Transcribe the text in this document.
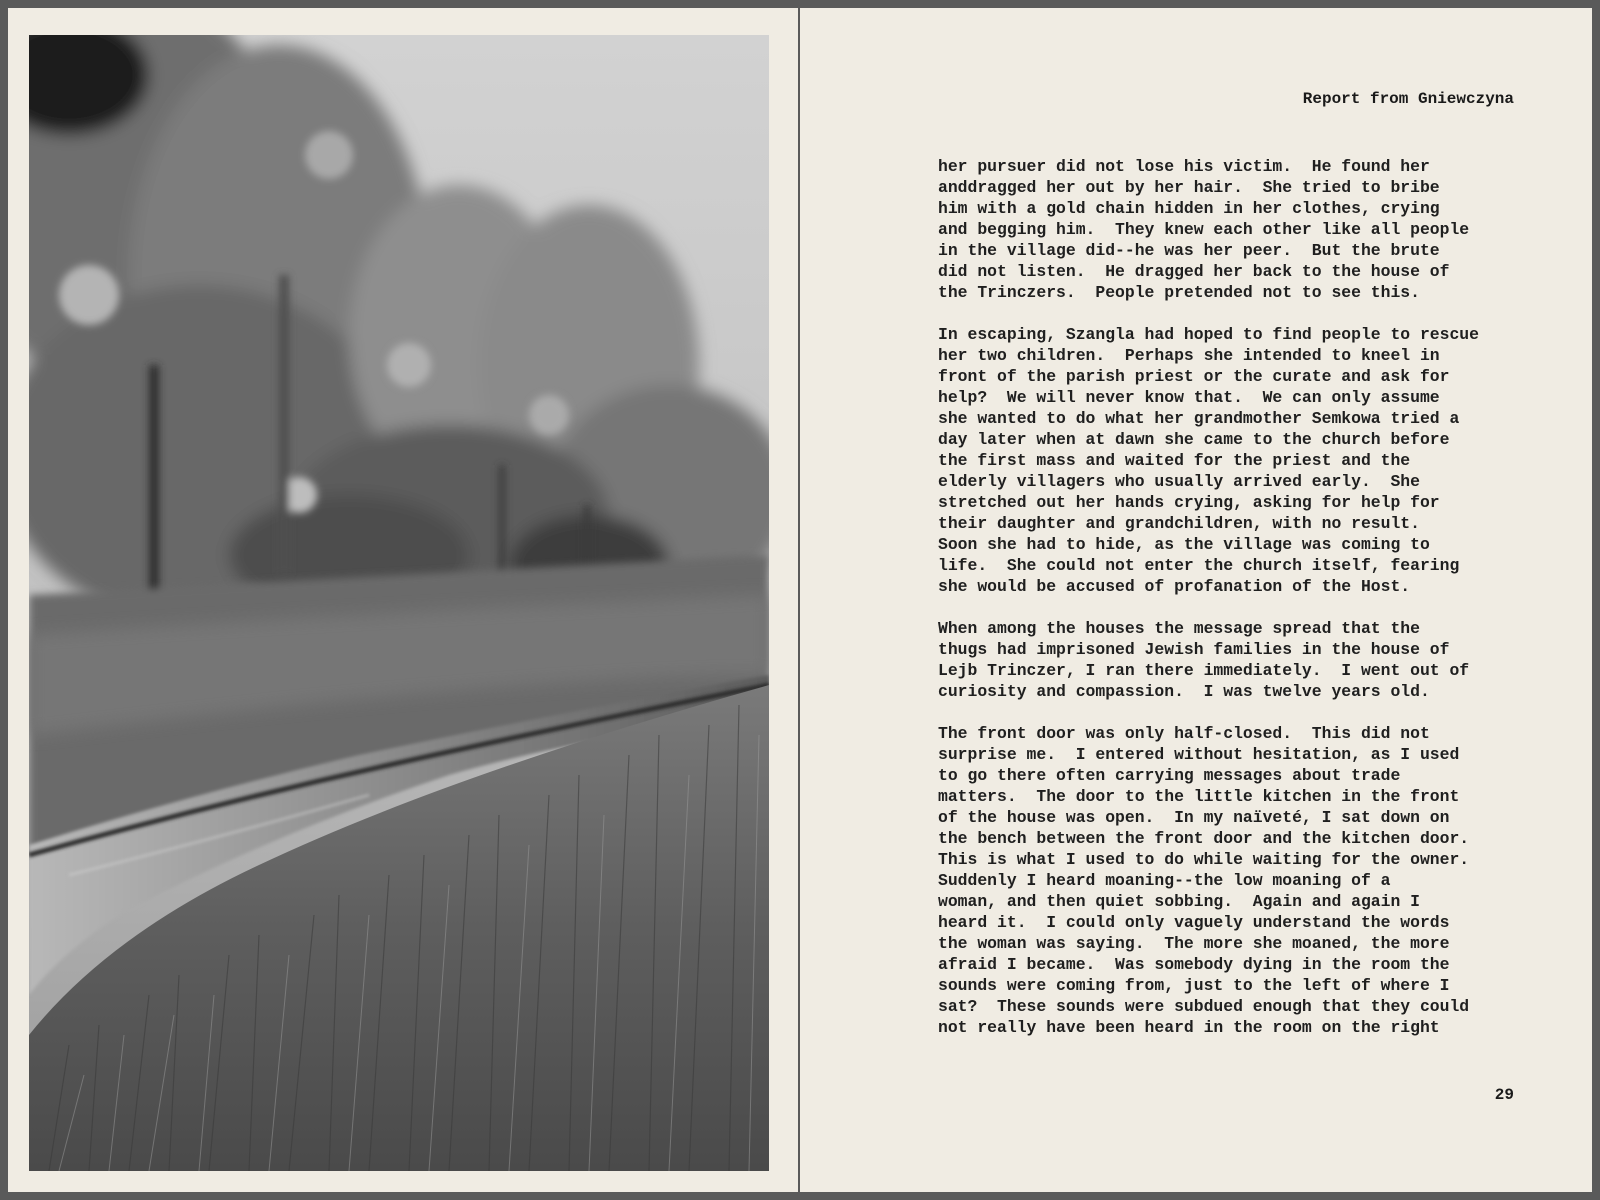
Report from Gniewczyna
her pursuer did not lose his victim.  He found her
anddragged her out by her hair.  She tried to bribe
him with a gold chain hidden in her clothes, crying
and begging him.  They knew each other like all people
in the village did--he was her peer.  But the brute
did not listen.  He dragged her back to the house of
the Trinczers.  People pretended not to see this.
In escaping, Szangla had hoped to find people to rescue
her two children.  Perhaps she intended to kneel in
front of the parish priest or the curate and ask for
help?  We will never know that.  We can only assume
she wanted to do what her grandmother Semkowa tried a
day later when at dawn she came to the church before
the first mass and waited for the priest and the
elderly villagers who usually arrived early.  She
stretched out her hands crying, asking for help for
their daughter and grandchildren, with no result.
Soon she had to hide, as the village was coming to
life.  She could not enter the church itself, fearing
she would be accused of profanation of the Host.
When among the houses the message spread that the
thugs had imprisoned Jewish families in the house of
Lejb Trinczer, I ran there immediately.  I went out of
curiosity and compassion.  I was twelve years old.
The front door was only half-closed.  This did not
surprise me.  I entered without hesitation, as I used
to go there often carrying messages about trade
matters.  The door to the little kitchen in the front
of the house was open.  In my naïveté, I sat down on
the bench between the front door and the kitchen door.
This is what I used to do while waiting for the owner.
Suddenly I heard moaning--the low moaning of a
woman, and then quiet sobbing.  Again and again I
heard it.  I could only vaguely understand the words
the woman was saying.  The more she moaned, the more
afraid I became.  Was somebody dying in the room the
sounds were coming from, just to the left of where I
sat?  These sounds were subdued enough that they could
not really have been heard in the room on the right
29
